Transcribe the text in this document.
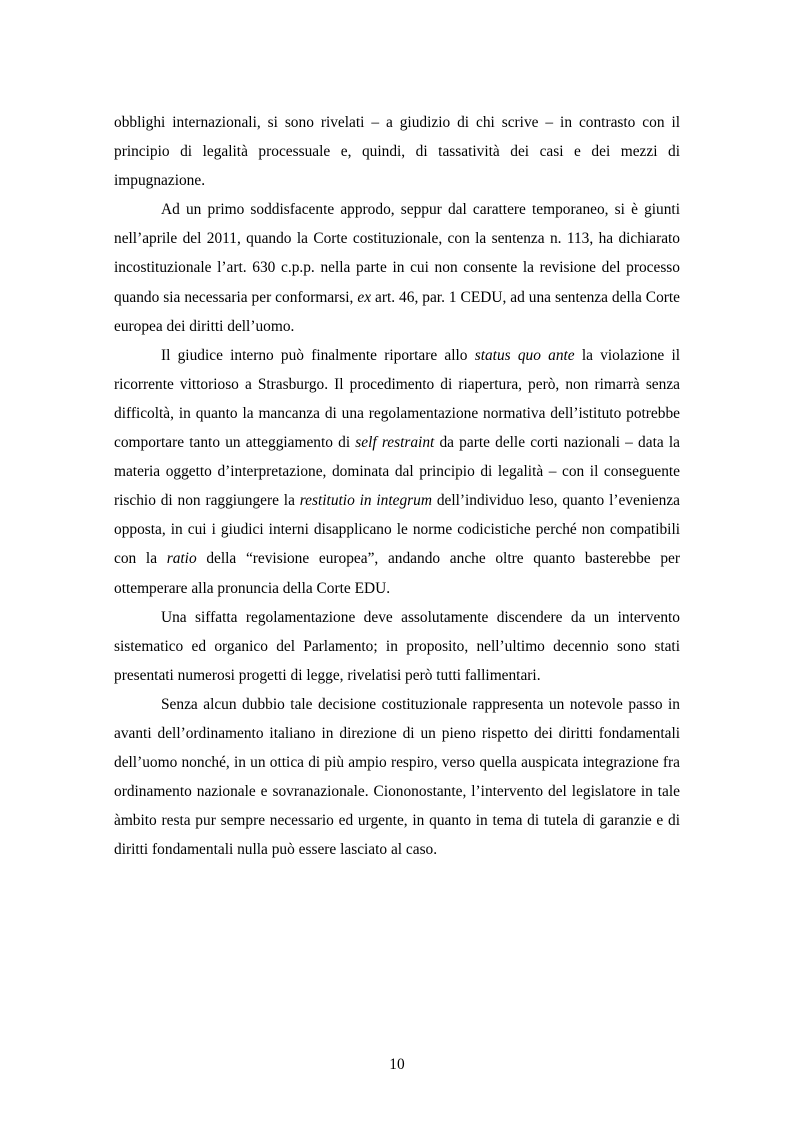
obblighi internazionali, si sono rivelati – a giudizio di chi scrive – in contrasto con il principio di legalità processuale e, quindi, di tassatività dei casi e dei mezzi di impugnazione.

Ad un primo soddisfacente approdo, seppur dal carattere temporaneo, si è giunti nell’aprile del 2011, quando la Corte costituzionale, con la sentenza n. 113, ha dichiarato incostituzionale l’art. 630 c.p.p. nella parte in cui non consente la revisione del processo quando sia necessaria per conformarsi, ex art. 46, par. 1 CEDU, ad una sentenza della Corte europea dei diritti dell’uomo.

Il giudice interno può finalmente riportare allo status quo ante la violazione il ricorrente vittorioso a Strasburgo. Il procedimento di riapertura, però, non rimarrà senza difficoltà, in quanto la mancanza di una regolamentazione normativa dell’istituto potrebbe comportare tanto un atteggiamento di self restraint da parte delle corti nazionali – data la materia oggetto d’interpretazione, dominata dal principio di legalità – con il conseguente rischio di non raggiungere la restitutio in integrum dell’individuo leso, quanto l’evenienza opposta, in cui i giudici interni disapplicano le norme codicistiche perché non compatibili con la ratio della “revisione europea”, andando anche oltre quanto basterebbe per ottemperare alla pronuncia della Corte EDU.

Una siffatta regolamentazione deve assolutamente discendere da un intervento sistematico ed organico del Parlamento; in proposito, nell’ultimo decennio sono stati presentati numerosi progetti di legge, rivelatisi però tutti fallimentari.

Senza alcun dubbio tale decisione costituzionale rappresenta un notevole passo in avanti dell’ordinamento italiano in direzione di un pieno rispetto dei diritti fondamentali dell’uomo nonché, in un ottica di più ampio respiro, verso quella auspicata integrazione fra ordinamento nazionale e sovranazionale. Ciononostante, l’intervento del legislatore in tale àmbito resta pur sempre necessario ed urgente, in quanto in tema di tutela di garanzie e di diritti fondamentali nulla può essere lasciato al caso.

10
